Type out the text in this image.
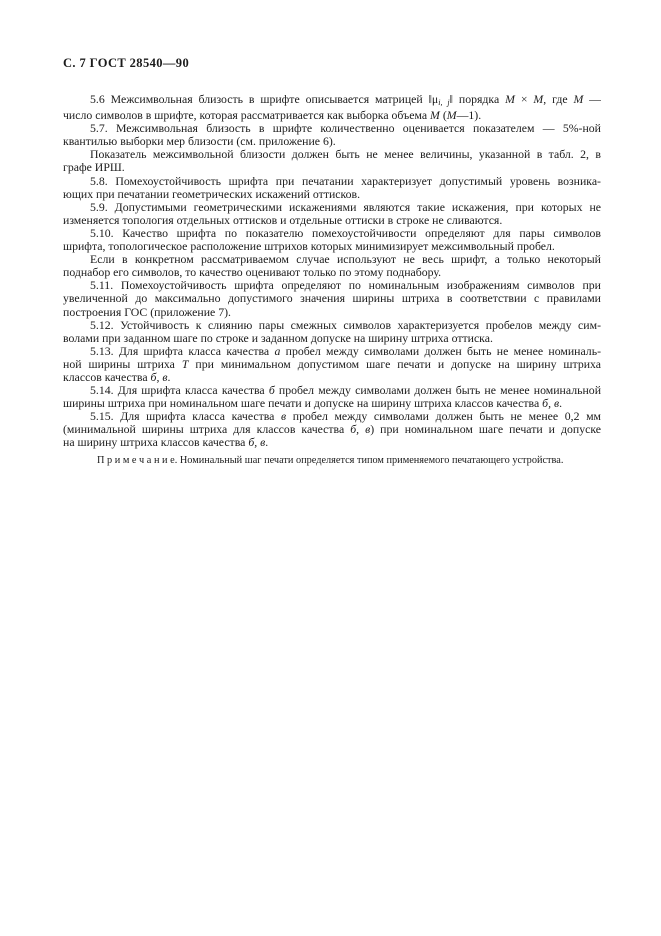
С. 7 ГОСТ 28540—90
5.6 Межсимвольная близость в шрифте описывается матрицей $‖\mu_{i, j}‖$ порядка М × М, где М —
число символов в шрифте, которая рассматривается как выборка объема М (М—1).
5.7. Межсимвольная близость в шрифте количественно оценивается показателем — 5%-ной
квантилью выборки мер близости (см. приложение 6).
Показатель межсимвольной близости должен быть не менее величины, указанной в табл. 2, в
графе ИРШ.
5.8. Помехоустойчивость шрифта при печатании характеризует допустимый уровень возника-
ющих при печатании геометрических искажений оттисков.
5.9. Допустимыми геометрическими искажениями являются такие искажения, при которых не
изменяется топология отдельных оттисков и отдельные оттиски в строке не сливаются.
5.10. Качество шрифта по показателю помехоустойчивости определяют для пары символов
шрифта, топологическое расположение штрихов которых минимизирует межсимвольный пробел.
Если в конкретном рассматриваемом случае используют не весь шрифт, а только некоторый
поднабор его символов, то качество оценивают только по этому поднабору.
5.11. Помехоустойчивость шрифта определяют по номинальным изображениям символов при
увеличенной до максимально допустимого значения ширины штриха в соответствии с правилами
построения ГОС (приложение 7).
5.12. Устойчивость к слиянию пары смежных символов характеризуется пробелов между сим-
волами при заданном шаге по строке и заданном допуске на ширину штриха оттиска.
5.13. Для шрифта класса качества а пробел между символами должен быть не менее номиналь-
ной ширины штриха Т при минимальном допустимом шаге печати и допуске на ширину штриха
классов качества б, в.
5.14. Для шрифта класса качества б пробел между символами должен быть не менее номинальной
ширины штриха при номинальном шаге печати и допуске на ширину штриха классов качества б, в.
5.15. Для шрифта класса качества в пробел между символами должен быть не менее 0,2 мм
(минимальной ширины штриха для классов качества б, в) при номинальном шаге печати и допуске
на ширину штриха классов качества б, в.
П р и м е ч а н и е. Номинальный шаг печати определяется типом применяемого печатающего устройства.
